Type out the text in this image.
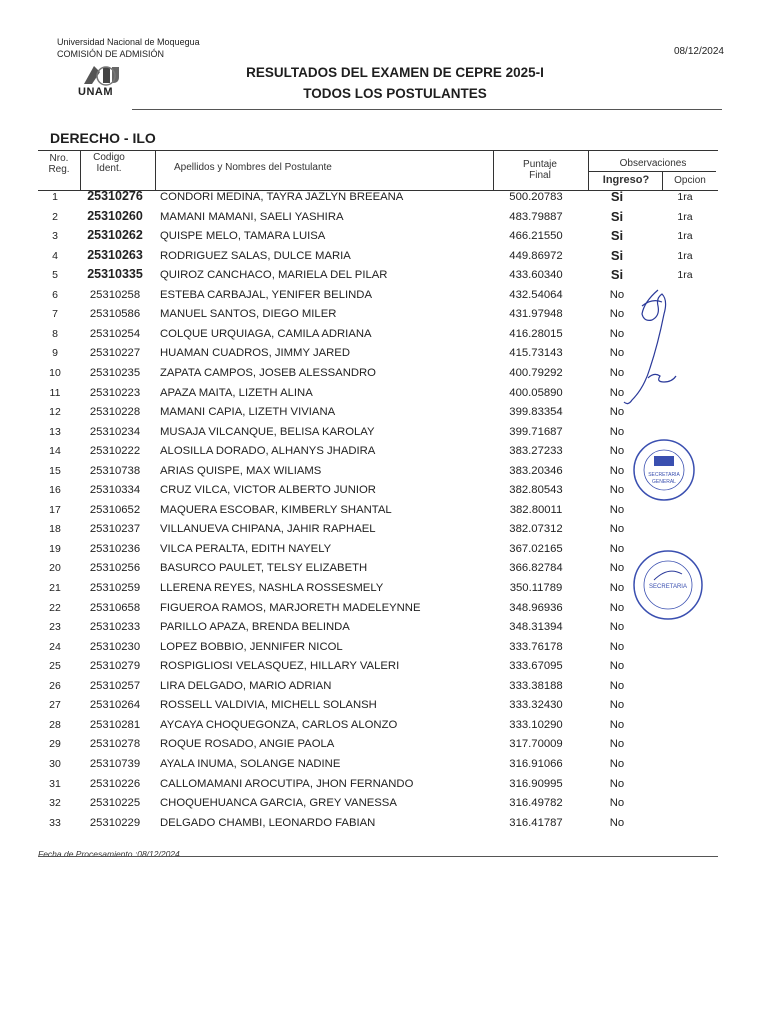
Universidad Nacional de Moquegua
COMISIÓN DE ADMISIÓN	08/12/2024
UNAM
RESULTADOS DEL EXAMEN DE CEPRE 2025-I
TODOS LOS POSTULANTES
DERECHO - ILO
Nro.
Reg.
Codigo
Ident.	Apellidos y Nombres del Postulante	Puntaje
Final
Observaciones
Ingreso?	Opcion
1	25310276	CONDORI MEDINA, TAYRA JAZLYN BREEANA	500.20783	Si	1ra
2	25310260	MAMANI MAMANI, SAELI YASHIRA	483.79887	Si	1ra
3	25310262	QUISPE MELO, TAMARA LUISA	466.21550	Si	1ra
4	25310263	RODRIGUEZ SALAS, DULCE MARIA	449.86972	Si	1ra
5	25310335	QUIROZ CANCHACO, MARIELA DEL PILAR	433.60340	Si	1ra
6	25310258	ESTEBA CARBAJAL, YENIFER BELINDA	432.54064	No
7	25310586	MANUEL SANTOS, DIEGO MILER	431.97948	No
8	25310254	COLQUE URQUIAGA, CAMILA ADRIANA	416.28015	No
9	25310227	HUAMAN CUADROS, JIMMY JARED	415.73143	No
10	25310235	ZAPATA CAMPOS, JOSEB ALESSANDRO	400.79292	No
11	25310223	APAZA MAITA, LIZETH ALINA	400.05890	No
12	25310228	MAMANI CAPIA, LIZETH VIVIANA	399.83354	No
13	25310234	MUSAJA VILCANQUE, BELISA KAROLAY	399.71687	No
14	25310222	ALOSILLA DORADO, ALHANYS JHADIRA	383.27233	No
15	25310738	ARIAS QUISPE, MAX WILIAMS	383.20346	No
16	25310334	CRUZ VILCA, VICTOR ALBERTO JUNIOR	382.80543	No
17	25310652	MAQUERA ESCOBAR, KIMBERLY SHANTAL	382.80011	No
18	25310237	VILLANUEVA CHIPANA, JAHIR RAPHAEL	382.07312	No
19	25310236	VILCA PERALTA, EDITH NAYELY	367.02165	No
20	25310256	BASURCO PAULET, TELSY ELIZABETH	366.82784	No
21	25310259	LLERENA REYES, NASHLA ROSSESMELY	350.11789	No
22	25310658	FIGUEROA RAMOS, MARJORETH MADELEYNNE	348.96936	No
23	25310233	PARILLO APAZA, BRENDA BELINDA	348.31394	No
24	25310230	LOPEZ BOBBIO, JENNIFER NICOL	333.76178	No
25	25310279	ROSPIGLIOSI VELASQUEZ, HILLARY VALERI	333.67095	No
26	25310257	LIRA DELGADO, MARIO ADRIAN	333.38188	No
27	25310264	ROSSELL VALDIVIA, MICHELL SOLANSH	333.32430	No
28	25310281	AYCAYA CHOQUEGONZA, CARLOS ALONZO	333.10290	No
29	25310278	ROQUE ROSADO, ANGIE PAOLA	317.70009	No
30	25310739	AYALA INUMA, SOLANGE NADINE	316.91066	No
31	25310226	CALLOMAMANI AROCUTIPA, JHON FERNANDO	316.90995	No
32	25310225	CHOQUEHUANCA GARCIA, GREY VANESSA	316.49782	No
33	25310229	DELGADO CHAMBI, LEONARDO FABIAN	316.41787	No
SECRETARIA
GENERAL
SECRETARIA
Fecha de Procesamiento :08/12/2024
